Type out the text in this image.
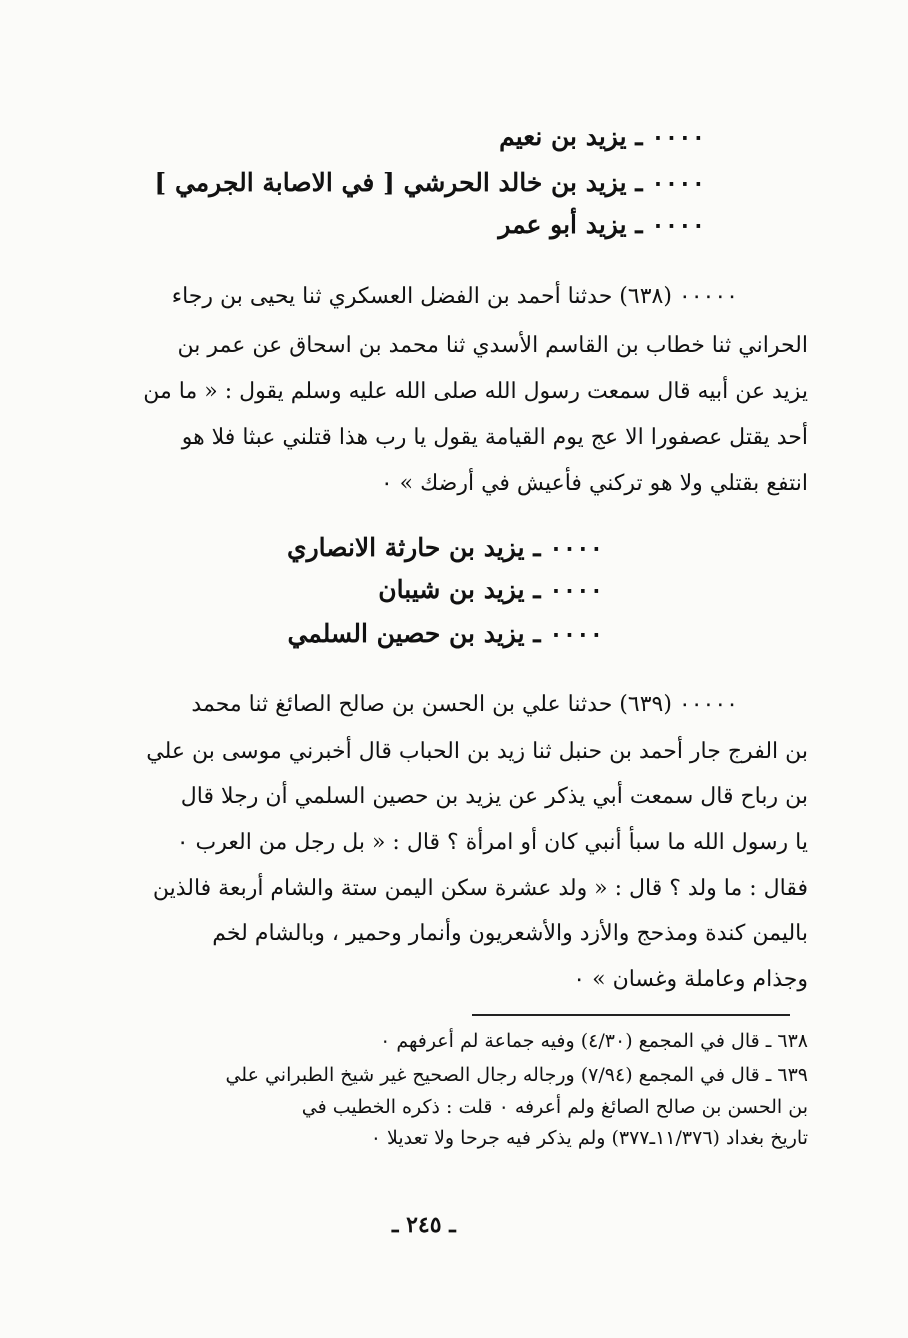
٠٠٠٠ ـ يزيد بن نعيم
٠٠٠٠ ـ يزيد بن خالد الحرشي [ في الاصابة الجرمي ]
٠٠٠٠ ـ يزيد أبو عمر
٠٠٠٠٠ (٦٣٨) حدثنا أحمد بن الفضل العسكري ثنا يحيى بن رجاء
الحراني ثنا خطاب بن القاسم الأسدي ثنا محمد بن اسحاق عن عمر بن
يزيد عن أبيه قال سمعت رسول الله صلى الله عليه وسلم يقول : « ما من
أحد يقتل عصفورا الا عج يوم القيامة يقول يا رب هذا قتلني عبثا فلا هو
انتفع بقتلي ولا هو تركني فأعيش في أرضك » ٠
٠٠٠٠ ـ يزيد بن حارثة الانصاري
٠٠٠٠ ـ يزيد بن شيبان
٠٠٠٠ ـ يزيد بن حصين السلمي
٠٠٠٠٠ (٦٣٩) حدثنا علي بن الحسن بن صالح الصائغ ثنا محمد
بن الفرج جار أحمد بن حنبل ثنا زيد بن الحباب قال أخبرني موسى بن علي
بن رباح قال سمعت أبي يذكر عن يزيد بن حصين السلمي أن رجلا قال
يا رسول الله ما سبأ أنبي كان أو امرأة ؟ قال : « بل رجل من العرب ٠
فقال : ما ولد ؟ قال : « ولد عشرة سكن اليمن ستة والشام أربعة فالذين
باليمن كندة ومذحج والأزد والأشعريون وأنمار وحمير ، وبالشام لخم
وجذام وعاملة وغسان » ٠
٦٣٨ ـ قال في المجمع (٤/٣٠) وفيه جماعة لم أعرفهم ٠
٦٣٩ ـ قال في المجمع (٧/٩٤) ورجاله رجال الصحيح غير شيخ الطبراني علي
بن الحسن بن صالح الصائغ ولم أعرفه ٠ قلت : ذكره الخطيب في
تاريخ بغداد (١١/٣٧٦ـ٣٧٧) ولم يذكر فيه جرحا ولا تعديلا ٠
ـ ٢٤٥ ـ
